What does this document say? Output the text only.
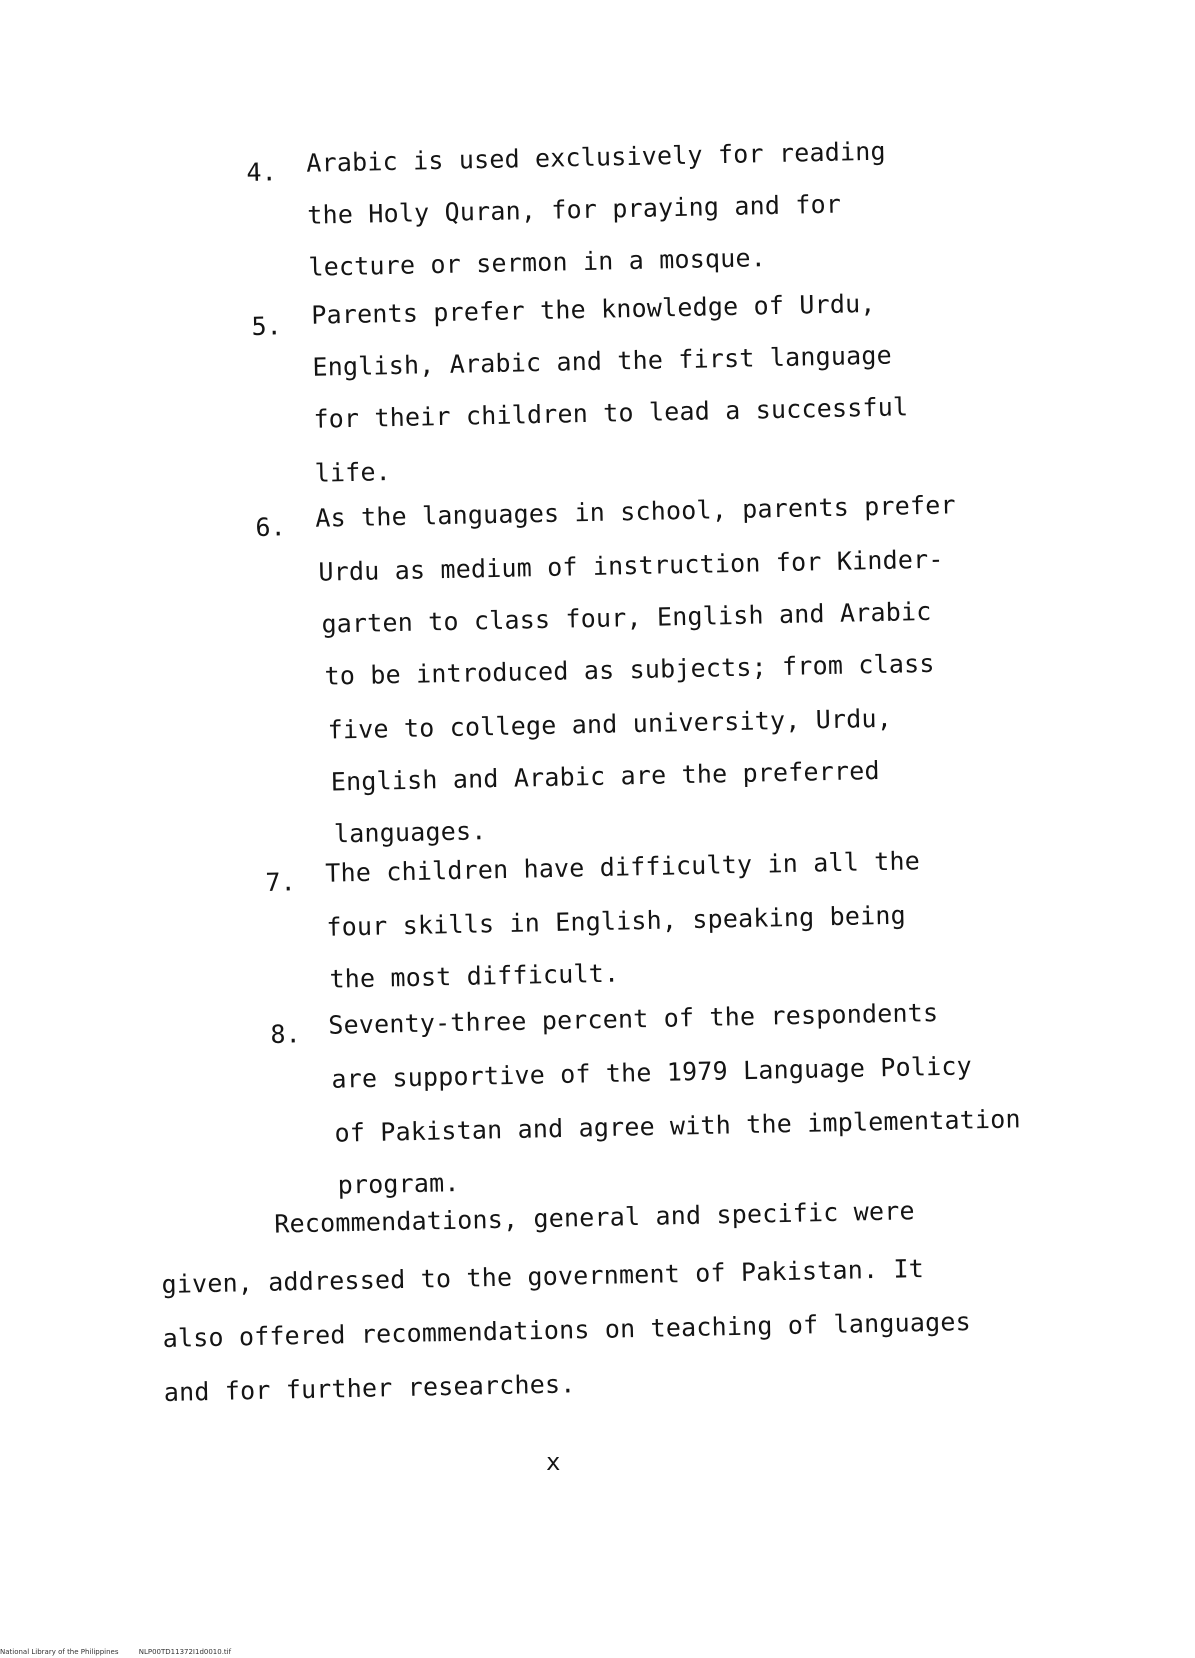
4. Arabic is used exclusively for reading
the Holy Quran, for praying and for
lecture or sermon in a mosque.
5. Parents prefer the knowledge of Urdu,
English, Arabic and the first language
for their children to lead a successful
life.
6. As the languages in school, parents prefer
Urdu as medium of instruction for Kinder-
garten to class four, English and Arabic
to be introduced as subjects; from class
five to college and university, Urdu,
English and Arabic are the preferred
languages.
7. The children have difficulty in all the
four skills in English, speaking being
the most difficult.
8. Seventy-three percent of the respondents
are supportive of the 1979 Language Policy
of Pakistan and agree with the implementation
program.
Recommendations, general and specific were
given, addressed to the government of Pakistan. It
also offered recommendations on teaching of languages
and for further researches.
x
National Library of the Philippines	NLP00TD11372I1d0010.tif
